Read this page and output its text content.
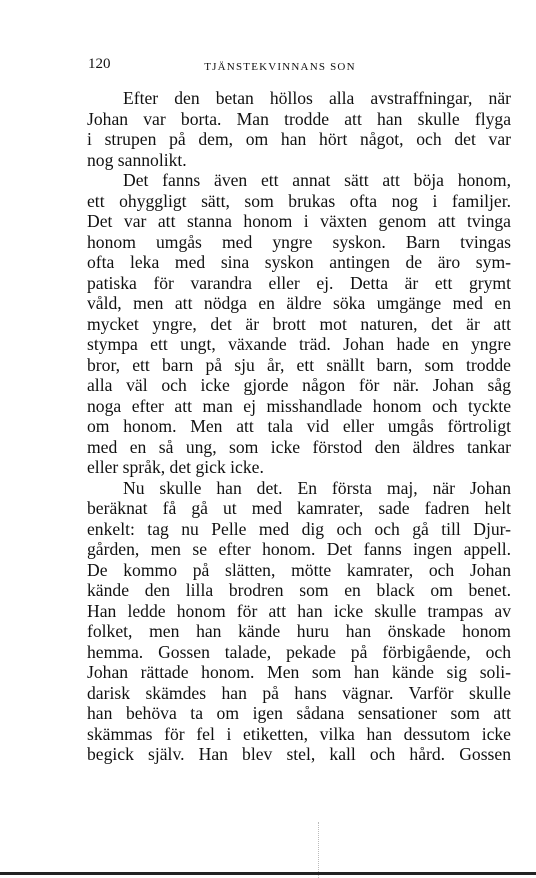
120	TJÄNSTEKVINNANS SON
Efter den betan höllos alla avstraffningar, när
Johan var borta. Man trodde att han skulle flyga
i strupen på dem, om han hört något, och det var
nog sannolikt.
Det fanns även ett annat sätt att böja honom,
ett ohyggligt sätt, som brukas ofta nog i familjer.
Det var att stanna honom i växten genom att tvinga
honom umgås med yngre syskon. Barn tvingas
ofta leka med sina syskon antingen de äro sym-
patiska för varandra eller ej. Detta är ett grymt
våld, men att nödga en äldre söka umgänge med en
mycket yngre, det är brott mot naturen, det är att
stympa ett ungt, växande träd. Johan hade en yngre
bror, ett barn på sju år, ett snällt barn, som trodde
alla väl och icke gjorde någon för när. Johan såg
noga efter att man ej misshandlade honom och tyckte
om honom. Men att tala vid eller umgås förtroligt
med en så ung, som icke förstod den äldres tankar
eller språk, det gick icke.
Nu skulle han det. En första maj, när Johan
beräknat få gå ut med kamrater, sade fadren helt
enkelt: tag nu Pelle med dig och och gå till Djur-
gården, men se efter honom. Det fanns ingen appell.
De kommo på slätten, mötte kamrater, och Johan
kände den lilla brodren som en black om benet.
Han ledde honom för att han icke skulle trampas av
folket, men han kände huru han önskade honom
hemma. Gossen talade, pekade på förbigående, och
Johan rättade honom. Men som han kände sig soli-
darisk skämdes han på hans vägnar. Varför skulle
han behöva ta om igen sådana sensationer som att
skämmas för fel i etiketten, vilka han dessutom icke
begick själv. Han blev stel, kall och hård. Gossen
